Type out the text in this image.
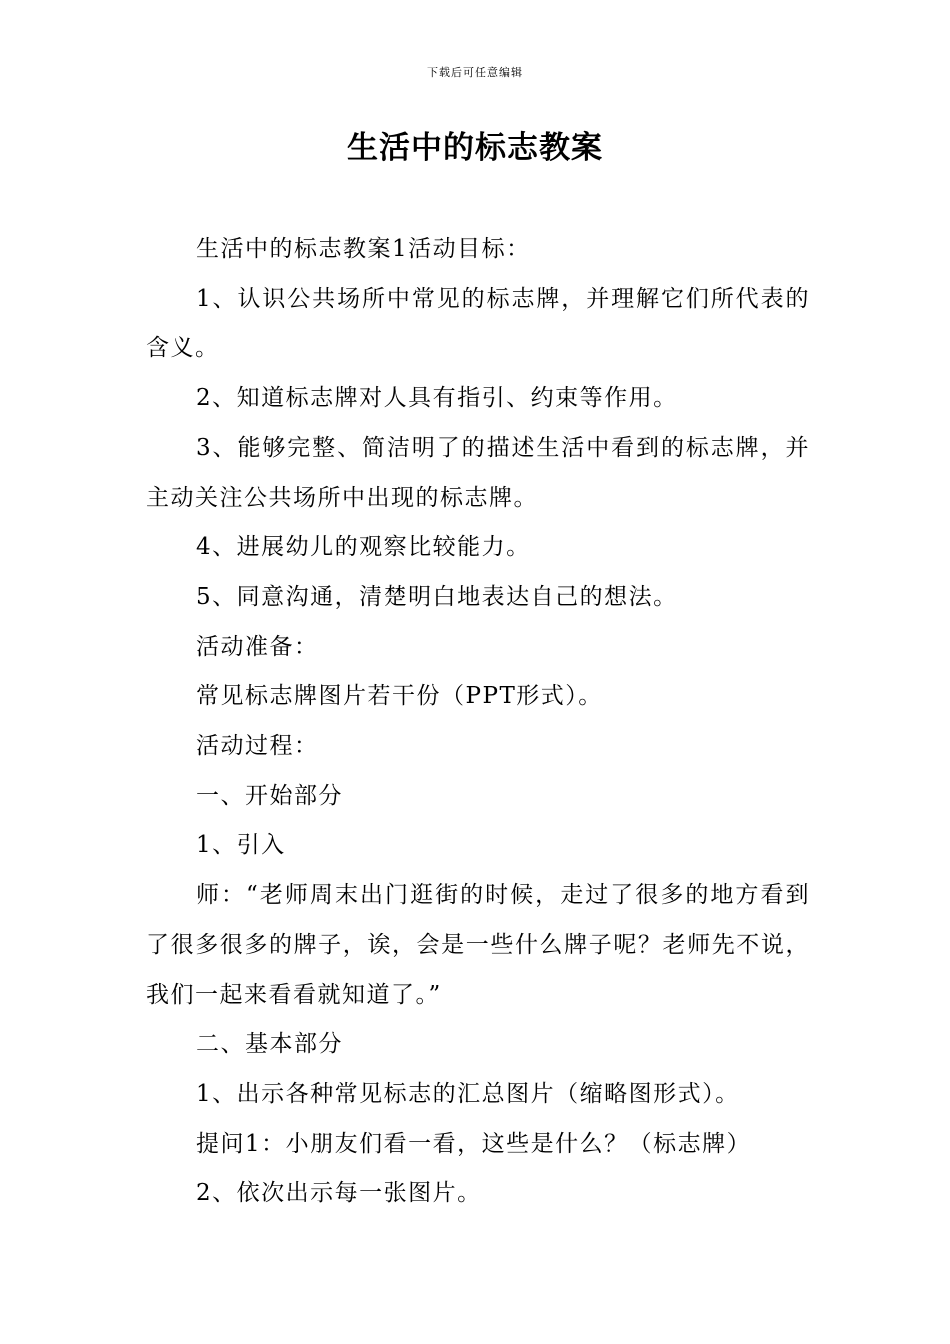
下载后可任意编辑
生活中的标志教案

生活中的标志教案1活动目标：

1、认识公共场所中常见的标志牌，并理解它们所代表的含义。

2、知道标志牌对人具有指引、约束等作用。

3、能够完整、简洁明了的描述生活中看到的标志牌，并主动关注公共场所中出现的标志牌。

4、进展幼儿的观察比较能力。

5、同意沟通，清楚明白地表达自己的想法。

活动准备：

常见标志牌图片若干份（PPT形式）。

活动过程：

一、开始部分

1、引入

师：“老师周末出门逛街的时候，走过了很多的地方看到了很多很多的牌子，诶，会是一些什么牌子呢？老师先不说，我们一起来看看就知道了。”

二、基本部分

1、出示各种常见标志的汇总图片（缩略图形式）。

提问1：小朋友们看一看，这些是什么？（标志牌）

2、依次出示每一张图片。
